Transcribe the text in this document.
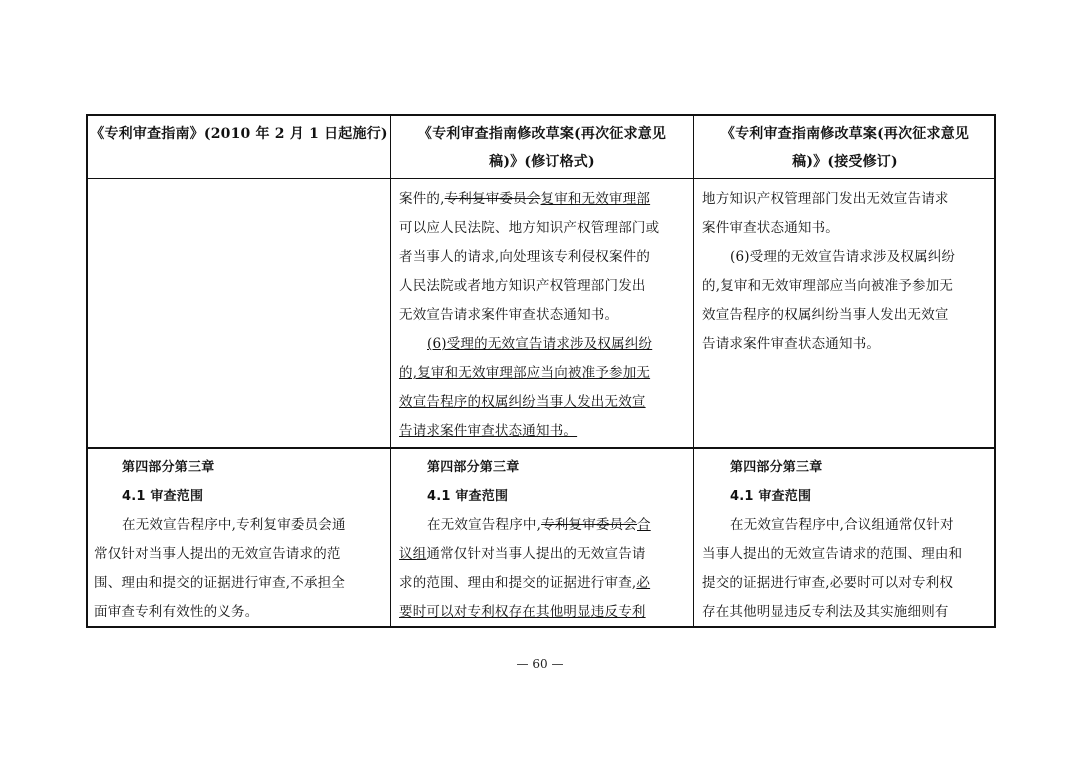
《专利审查指南》(2010 年 2 月 1 日起施行)	《专利审查指南修改草案(再次征求意见

稿)》(修订格式)

《专利审查指南修改草案(再次征求意见

稿)》(接受修订)

案件的,专利复审委员会复审和无效审理部

可以应人民法院、地方知识产权管理部门或

者当事人的请求,向处理该专利侵权案件的

人民法院或者地方知识产权管理部门发出

无效宣告请求案件审查状态通知书。

(6)受理的无效宣告请求涉及权属纠纷

的,复审和无效审理部应当向被准予参加无

效宣告程序的权属纠纷当事人发出无效宣

告请求案件审查状态通知书。

地方知识产权管理部门发出无效宣告请求

案件审查状态通知书。

(6)受理的无效宣告请求涉及权属纠纷

的,复审和无效审理部应当向被准予参加无

效宣告程序的权属纠纷当事人发出无效宣

告请求案件审查状态通知书。

第四部分第三章

4.1 审查范围

在无效宣告程序中,专利复审委员会通

常仅针对当事人提出的无效宣告请求的范

围、理由和提交的证据进行审查,不承担全

面审查专利有效性的义务。

第四部分第三章

4.1 审查范围

在无效宣告程序中,专利复审委员会合

议组通常仅针对当事人提出的无效宣告请

求的范围、理由和提交的证据进行审查,必

要时可以对专利权存在其他明显违反专利

第四部分第三章

4.1 审查范围

在无效宣告程序中,合议组通常仅针对

当事人提出的无效宣告请求的范围、理由和

提交的证据进行审查,必要时可以对专利权

存在其他明显违反专利法及其实施细则有

— 60 —
